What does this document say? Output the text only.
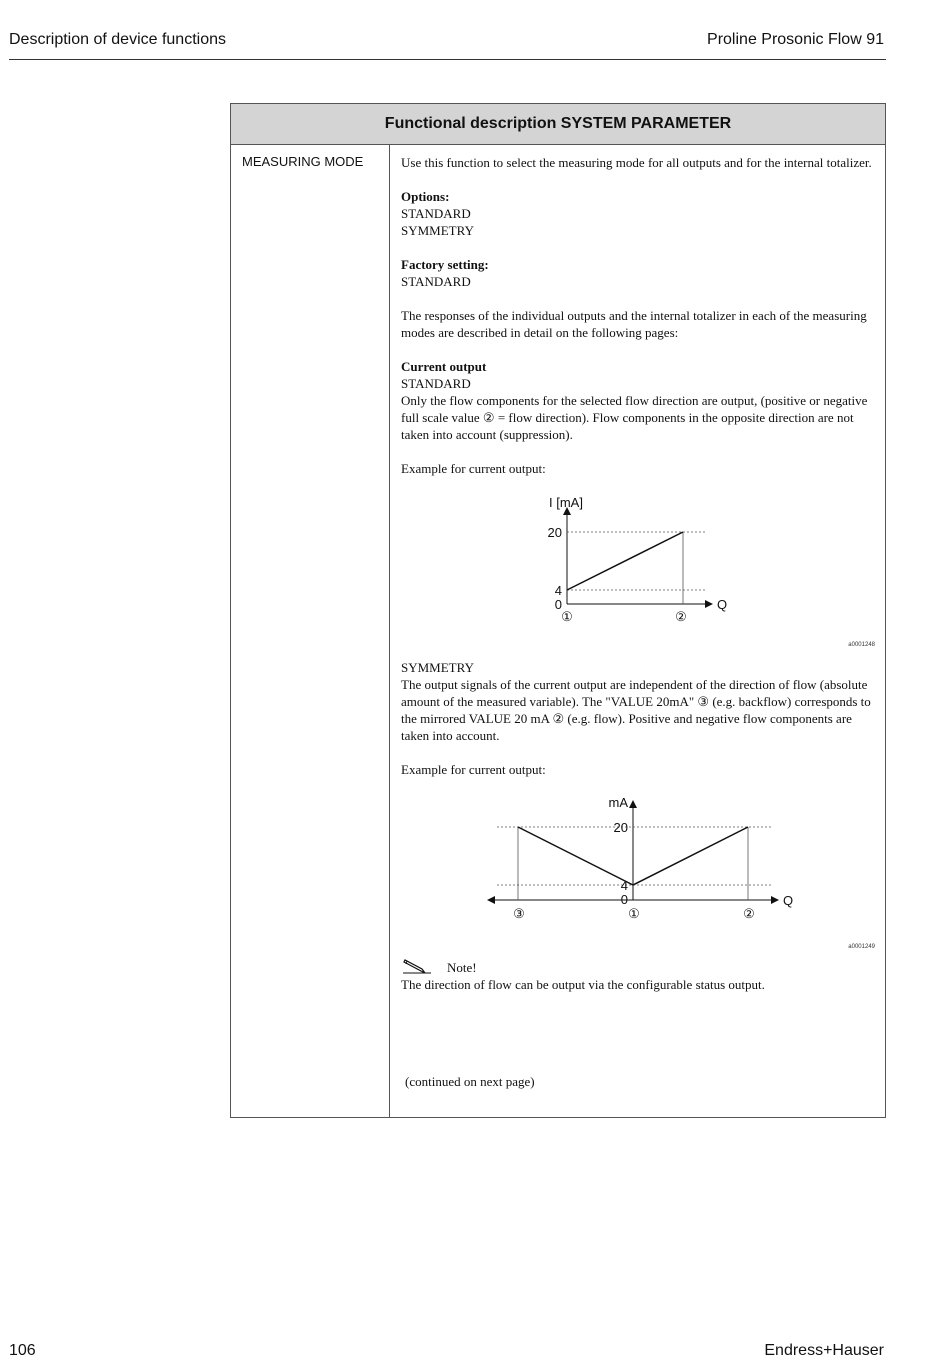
Description of device functions	Proline Prosonic Flow 91
Functional description SYSTEM PARAMETER
MEASURING MODE	Use this function to select the measuring mode for all outputs and for the internal totalizer.

Options:
STANDARD
SYMMETRY

Factory setting:
STANDARD

The responses of the individual outputs and the internal totalizer in each of the measuring modes are described in detail on the following pages:

Current output
STANDARD
Only the flow components for the selected flow direction are output, (positive or negative full scale value ② = flow direction). Flow components in the opposite direction are not taken into account (suppression).

Example for current output:

I [mA]
Q
20
4
0
①	②
a0001248

SYMMETRY
The output signals of the current output are independent of the direction of flow (absolute amount of the measured variable). The "VALUE 20mA" ③ (e.g. backflow) corresponds to the mirrored VALUE 20 mA ② (e.g. flow). Positive and negative flow components are taken into account.

Example for current output:

mA
Q
20
4
0
③	①	②
a0001249
Note!

The direction of flow can be output via the configurable status output.

(continued on next page)
106	Endress+Hauser
